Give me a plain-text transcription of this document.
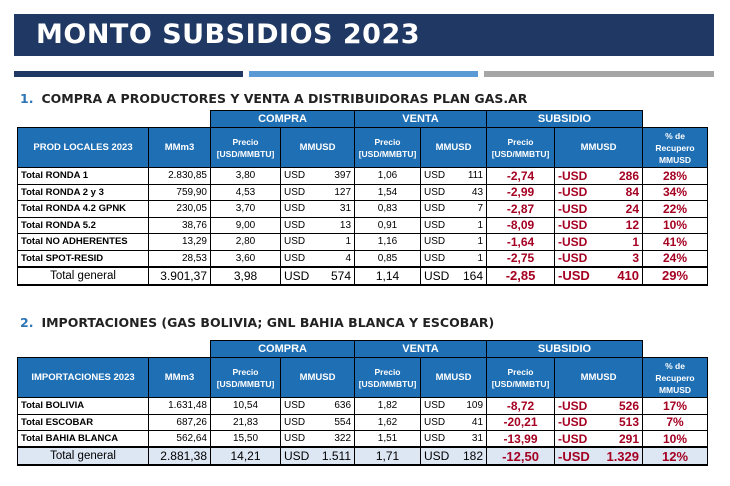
MONTO SUBSIDIOS 2023
1. COMPRA A PRODUCTORES Y VENTA A DISTRIBUIDORAS PLAN GAS.AR
		COMPRA		VENTA		SUBSIDIO		
PROD LOCALES 2023	MMm3	Precio [USD/MMBTU]	MMUSD	Precio [USD/MMBTU]	MMUSD	Precio [USD/MMBTU]	MMUSD	% de Recupero MMUSD
Total RONDA 1	2.830,85	3,80	USD 397	1,06	USD 111	-2,74	-USD 286	28%
Total RONDA 2 y 3	759,90	4,53	USD 127	1,54	USD 43	-2,99	-USD 84	34%
Total RONDA 4.2 GPNK	230,05	3,70	USD 31	0,83	USD 7	-2,87	-USD 24	22%
Total RONDA 5.2	38,76	9,00	USD 13	0,91	USD 1	-8,09	-USD 12	10%
Total NO ADHERENTES	13,29	2,80	USD 1	1,16	USD 1	-1,64	-USD 1	41%
Total SPOT-RESID	28,53	3,60	USD 4	0,85	USD 1	-2,75	-USD 3	24%
Total general	3.901,37	3,98	USD 574	1,14	USD 164	-2,85	-USD 410	29%
2. IMPORTACIONES (GAS BOLIVIA; GNL BAHIA BLANCA Y ESCOBAR)
		COMPRA		VENTA		SUBSIDIO		
IMPORTACIONES 2023	MMm3	Precio [USD/MMBTU]	MMUSD	Precio [USD/MMBTU]	MMUSD	Precio [USD/MMBTU]	MMUSD	% de Recupero MMUSD
Total BOLIVIA	1.631,48	10,54	USD 636	1,82	USD 109	-8,72	-USD 526	17%
Total ESCOBAR	687,26	21,83	USD 554	1,62	USD 41	-20,21	-USD 513	7%
Total BAHIA BLANCA	562,64	15,50	USD 322	1,51	USD 31	-13,99	-USD 291	10%
Total general	2.881,38	14,21	USD 1.511	1,71	USD 182	-12,50	-USD 1.329	12%
